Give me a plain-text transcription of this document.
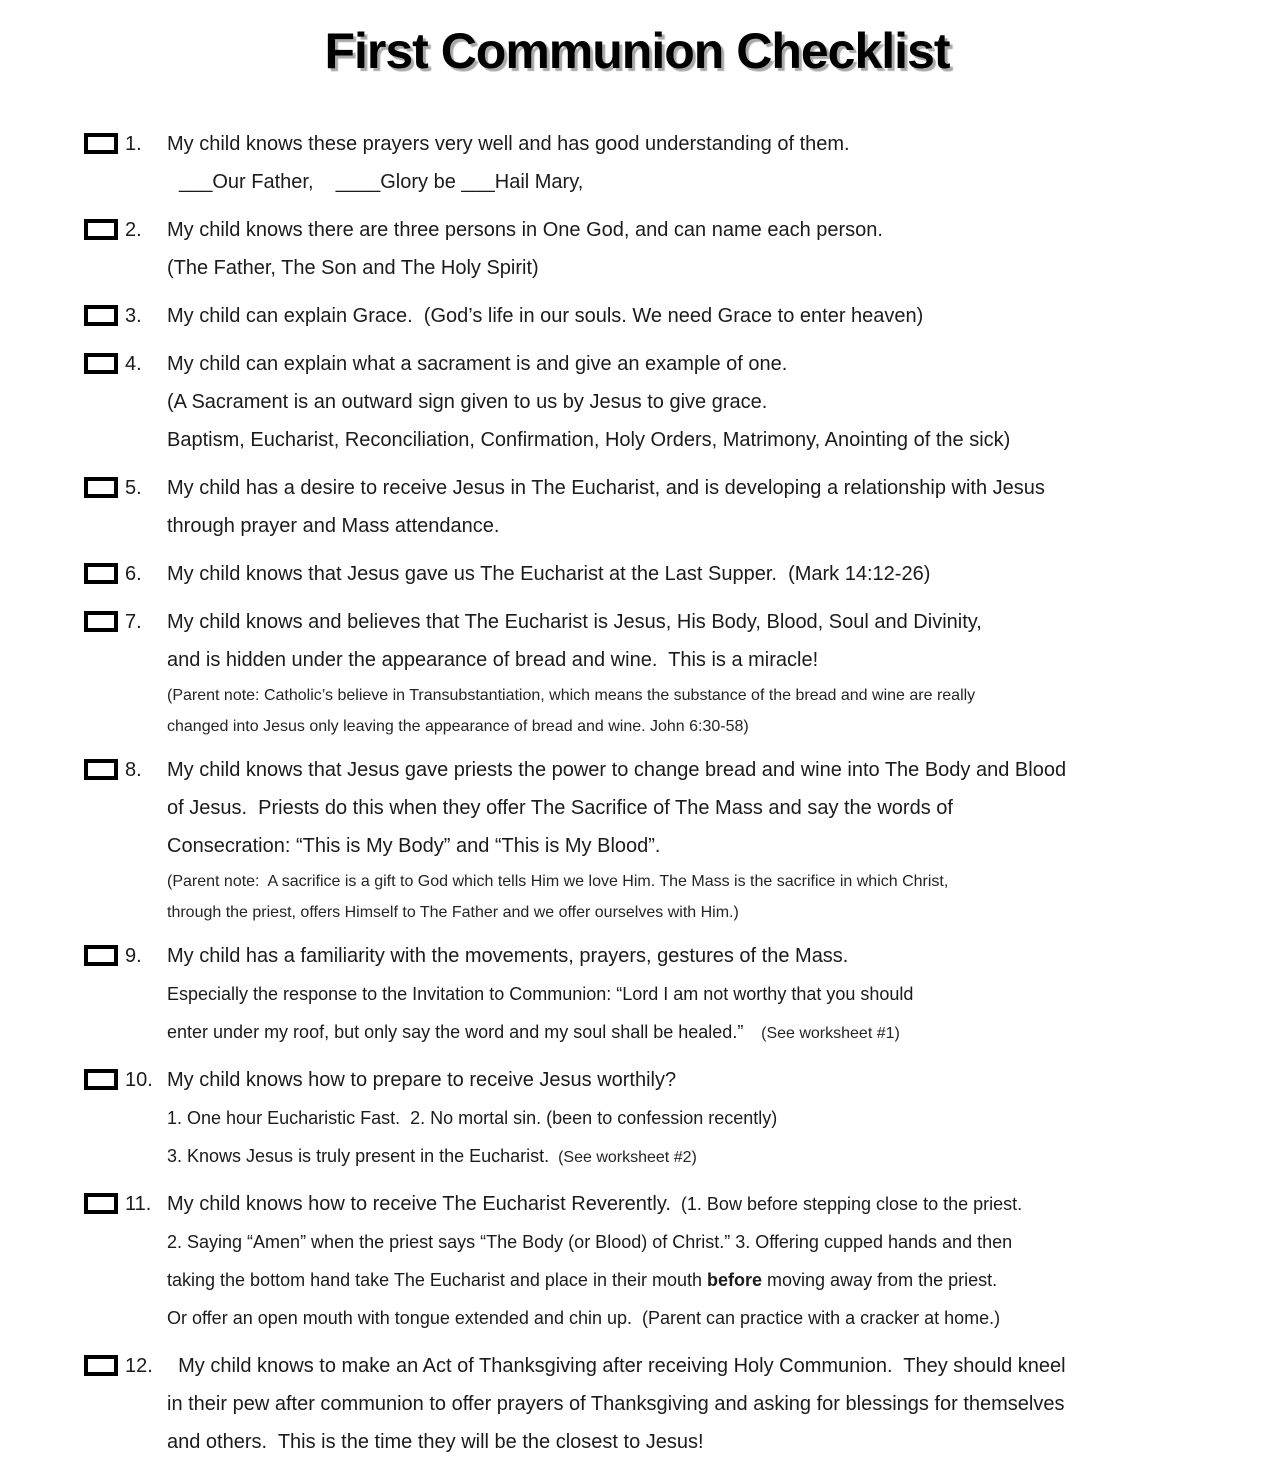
First Communion Checklist
1.	My child knows these prayers very well and has good understanding of them.
___Our Father,    ____Glory be ___Hail Mary,
2.	My child knows there are three persons in One God, and can name each person.
(The Father, The Son and The Holy Spirit)
3.	My child can explain Grace.  (God’s life in our souls. We need Grace to enter heaven)
4.	My child can explain what a sacrament is and give an example of one.
(A Sacrament is an outward sign given to us by Jesus to give grace.
Baptism, Eucharist, Reconciliation, Confirmation, Holy Orders, Matrimony, Anointing of the sick)
5.	My child has a desire to receive Jesus in The Eucharist, and is developing a relationship with Jesus
through prayer and Mass attendance.
6.	My child knows that Jesus gave us The Eucharist at the Last Supper.  (Mark 14:12-26)
7.	My child knows and believes that The Eucharist is Jesus, His Body, Blood, Soul and Divinity,
and is hidden under the appearance of bread and wine.  This is a miracle!
(Parent note: Catholic’s believe in Transubstantiation, which means the substance of the bread and wine are really
changed into Jesus only leaving the appearance of bread and wine. John 6:30-58)
8.	My child knows that Jesus gave priests the power to change bread and wine into The Body and Blood
of Jesus.  Priests do this when they offer The Sacrifice of The Mass and say the words of
Consecration: “This is My Body” and “This is My Blood”.
(Parent note:  A sacrifice is a gift to God which tells Him we love Him. The Mass is the sacrifice in which Christ,
through the priest, offers Himself to The Father and we offer ourselves with Him.)
9.	My child has a familiarity with the movements, prayers, gestures of the Mass.
Especially the response to the Invitation to Communion: “Lord I am not worthy that you should
enter under my roof, but only say the word and my soul shall be healed.”    (See worksheet #1)
10. My child knows how to prepare to receive Jesus worthily?
1. One hour Eucharistic Fast.  2. No mortal sin. (been to confession recently)
3. Knows Jesus is truly present in the Eucharist.  (See worksheet #2)
11. My child knows how to receive The Eucharist Reverently.  (1. Bow before stepping close to the priest.
2. Saying “Amen” when the priest says “The Body (or Blood) of Christ.” 3. Offering cupped hands and then
taking the bottom hand take The Eucharist and place in their mouth before moving away from the priest.
Or offer an open mouth with tongue extended and chin up.  (Parent can practice with a cracker at home.)
12. My child knows to make an Act of Thanksgiving after receiving Holy Communion.  They should kneel
in their pew after communion to offer prayers of Thanksgiving and asking for blessings for themselves
and others.  This is the time they will be the closest to Jesus!
